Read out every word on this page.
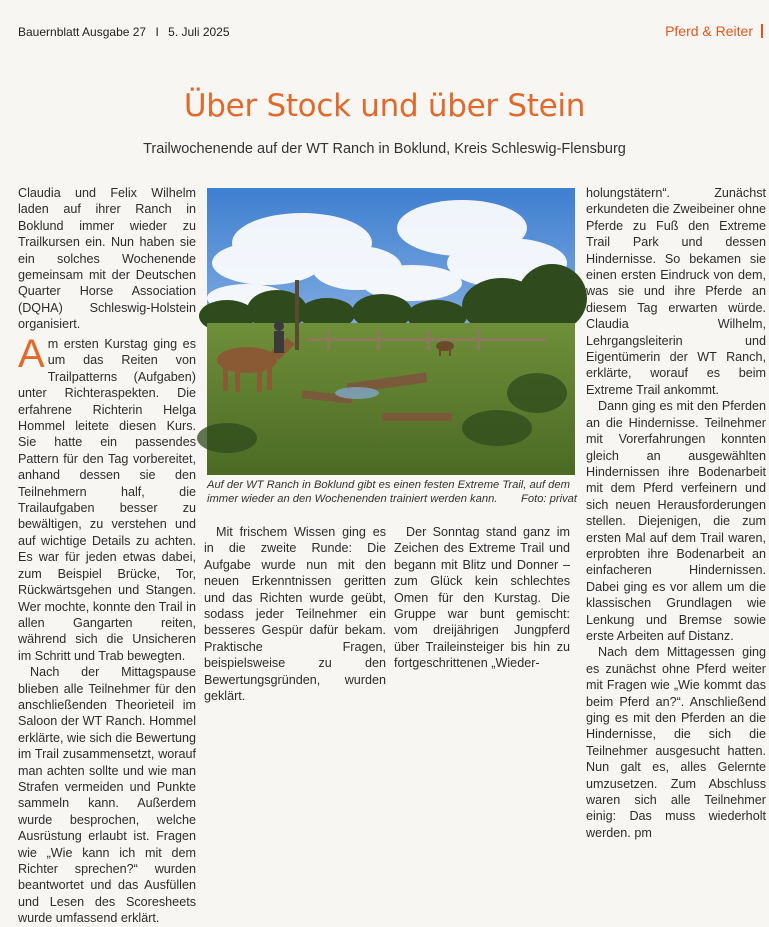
Bauernblatt Ausgabe 27 I 5. Juli 2025	Pferd & Reiter
Über Stock und über Stein
Trailwochenende auf der WT Ranch in Boklund, Kreis Schleswig-Flensburg

Claudia und Felix Wilhelm laden auf ihrer Ranch in Boklund immer wieder zu Trailkursen ein. Nun haben sie ein solches Wochenende gemeinsam mit der Deutschen Quarter Horse Association (DQHA) Schleswig-Holstein organisiert.

Am ersten Kurstag ging es um das Reiten von Trailpatterns (Aufgaben) unter Richteraspekten. Die erfahrene Richterin Helga Hommel leitete diesen Kurs. Sie hatte ein passendes Pattern für den Tag vorbereitet, anhand dessen sie den Teilnehmern half, die Trailaufgaben besser zu bewältigen, zu verstehen und auf wichtige Details zu achten. Es war für jeden etwas dabei, zum Beispiel Brücke, Tor, Rückwärtsgehen und Stangen. Wer mochte, konnte den Trail in allen Gangarten reiten, während sich die Unsicheren im Schritt und Trab bewegten.

Nach der Mittagspause blieben alle Teilnehmer für den anschließenden Theorieteil im Saloon der WT Ranch. Hommel erklärte, wie sich die Bewertung im Trail zusammensetzt, worauf man achten sollte und wie man Strafen vermeiden und Punkte sammeln kann. Außerdem wurde besprochen, welche Ausrüstung erlaubt ist. Fragen wie „Wie kann ich mit dem Richter sprechen?“ wurden beantwortet und das Ausfüllen und Lesen des Scoresheets wurde umfassend erklärt.

Auf der WT Ranch in Boklund gibt es einen festen Extreme Trail, auf dem immer wieder an den Wochenenden trainiert werden kann. Foto: privat

Mit frischem Wissen ging es in die zweite Runde: Die Aufgabe wurde nun mit den neuen Erkenntnissen geritten und das Richten wurde geübt, sodass jeder Teilnehmer ein besseres Gespür dafür bekam. Praktische Fragen, beispielsweise zu den Bewertungsgründen, wurden geklärt.

Der Sonntag stand ganz im Zeichen des Extreme Trail und begann mit Blitz und Donner – zum Glück kein schlechtes Omen für den Kurstag. Die Gruppe war bunt gemischt: vom dreijährigen Jungpferd über Traileinsteiger bis hin zu fortgeschrittenen „Wieder-

holungstätern“. Zunächst erkundeten die Zweibeiner ohne Pferde zu Fuß den Extreme Trail Park und dessen Hindernisse. So bekamen sie einen ersten Eindruck von dem, was sie und ihre Pferde an diesem Tag erwarten würde. Claudia Wilhelm, Lehrgangsleiterin und Eigentümerin der WT Ranch, erklärte, worauf es beim Extreme Trail ankommt.

Dann ging es mit den Pferden an die Hindernisse. Teilnehmer mit Vorerfahrungen konnten gleich an ausgewählten Hindernissen ihre Bodenarbeit mit dem Pferd verfeinern und sich neuen Herausforderungen stellen. Diejenigen, die zum ersten Mal auf dem Trail waren, erprobten ihre Bodenarbeit an einfacheren Hindernissen. Dabei ging es vor allem um die klassischen Grundlagen wie Lenkung und Bremse sowie erste Arbeiten auf Distanz.

Nach dem Mittagessen ging es zunächst ohne Pferd weiter mit Fragen wie „Wie kommt das beim Pferd an?“. Anschließend ging es mit den Pferden an die Hindernisse, die sich die Teilnehmer ausgesucht hatten. Nun galt es, alles Gelernte umzusetzen. Zum Abschluss waren sich alle Teilnehmer einig: Das muss wiederholt werden. pm
